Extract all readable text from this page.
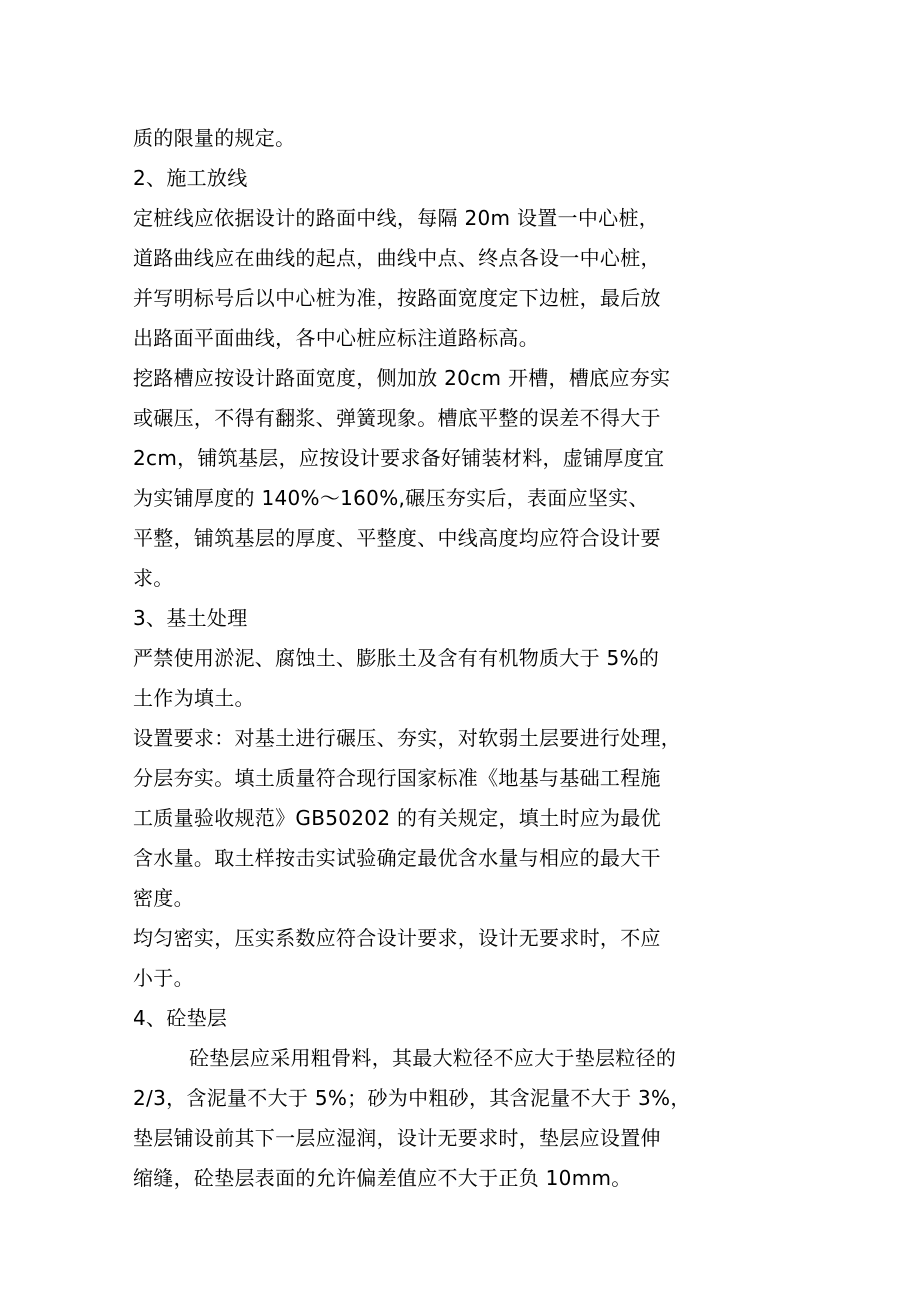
质的限量的规定。
2、施工放线
定桩线应依据设计的路面中线，每隔 20m 设置一中心桩，
道路曲线应在曲线的起点，曲线中点、终点各设一中心桩，
并写明标号后以中心桩为准，按路面宽度定下边桩，最后放
出路面平面曲线，各中心桩应标注道路标高。
挖路槽应按设计路面宽度，侧加放 20cm 开槽，槽底应夯实
或碾压，不得有翻浆、弹簧现象。槽底平整的误差不得大于
2cm，铺筑基层，应按设计要求备好铺装材料，虚铺厚度宜
为实铺厚度的 140%～160%,碾压夯实后，表面应坚实、
平整，铺筑基层的厚度、平整度、中线高度均应符合设计要
求。
3、基土处理
严禁使用淤泥、腐蚀土、膨胀土及含有有机物质大于 5%的
土作为填土。
设置要求：对基土进行碾压、夯实，对软弱土层要进行处理，
分层夯实。填土质量符合现行国家标准《地基与基础工程施
工质量验收规范》GB50202 的有关规定，填土时应为最优
含水量。取土样按击实试验确定最优含水量与相应的最大干
密度。
均匀密实，压实系数应符合设计要求，设计无要求时，不应
小于。
4、砼垫层
砼垫层应采用粗骨料，其最大粒径不应大于垫层粒径的
2/3，含泥量不大于 5%；砂为中粗砂，其含泥量不大于 3%，
垫层铺设前其下一层应湿润，设计无要求时，垫层应设置伸
缩缝，砼垫层表面的允许偏差值应不大于正负 10mm。
